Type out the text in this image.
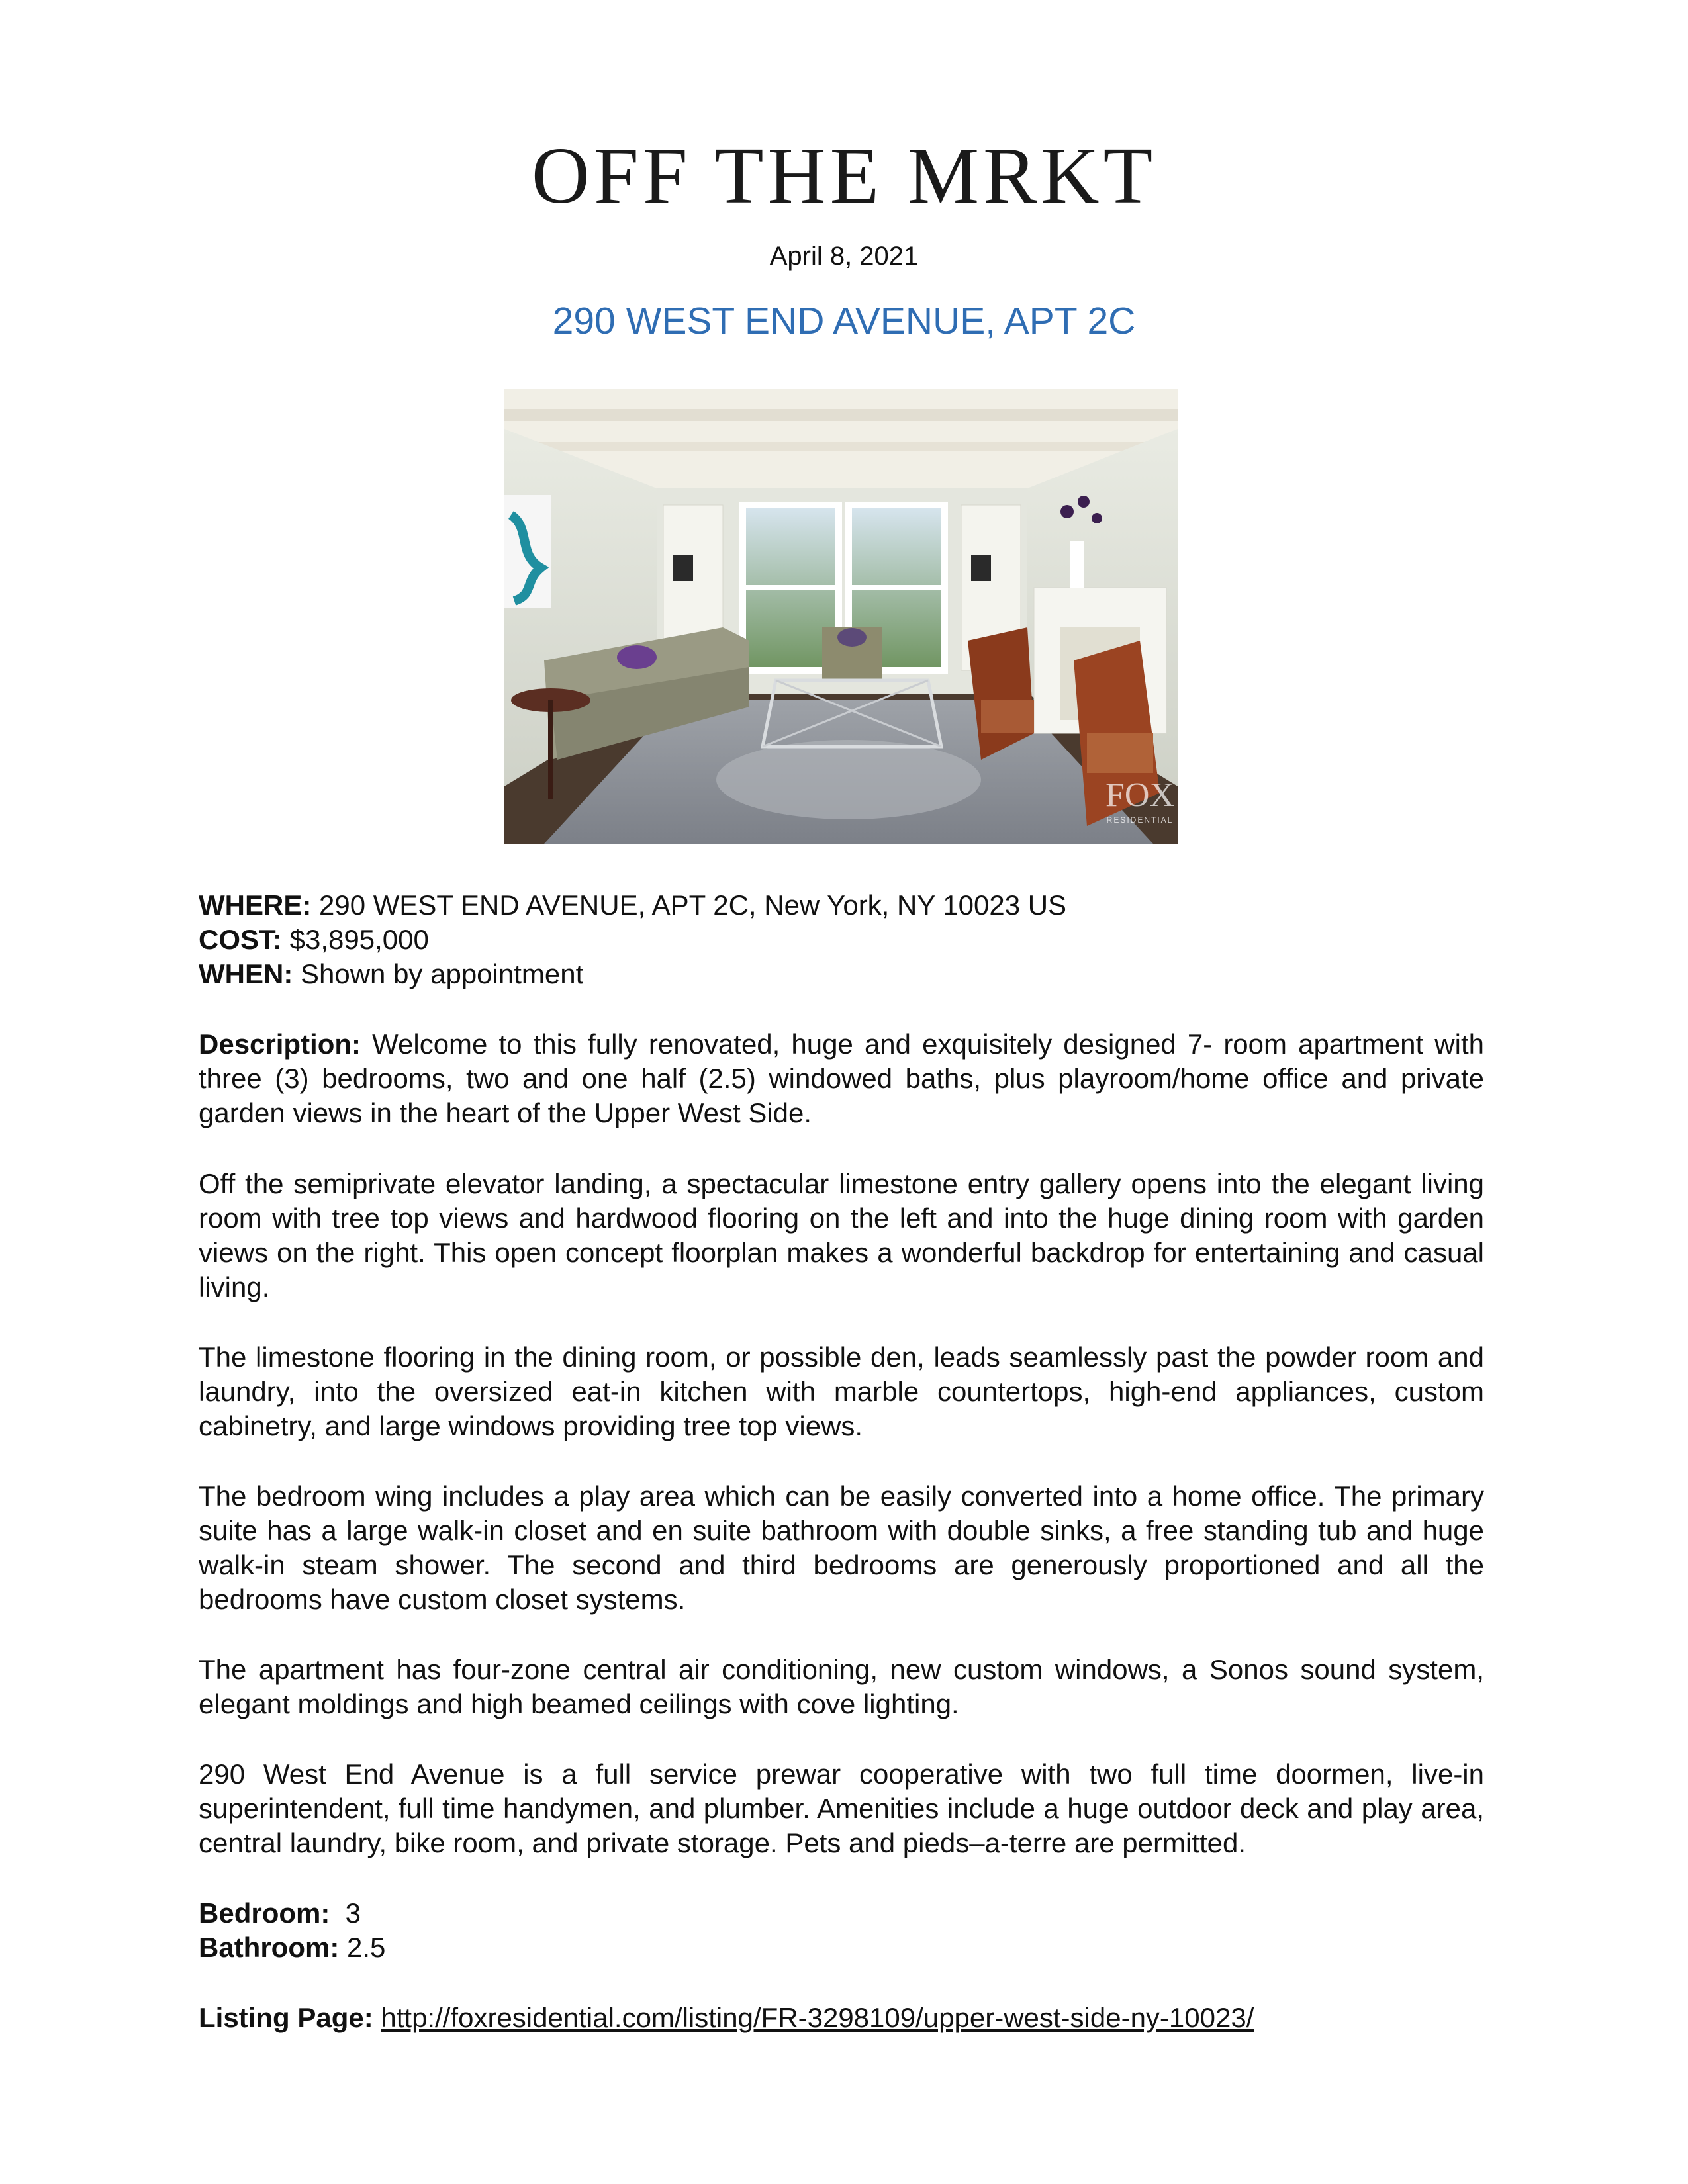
OFF THE MRKT
April 8, 2021
290 WEST END AVENUE, APT 2C
FOX
RESIDENTIAL

WHERE: 290 WEST END AVENUE, APT 2C, New York, NY 10023 US

COST: $3,895,000

WHEN: Shown by appointment

Description: Welcome to this fully renovated, huge and exquisitely designed 7- room apartment with three (3) bedrooms, two and one half (2.5) windowed baths, plus playroom/home office and private garden views in the heart of the Upper West Side.

Off the semiprivate elevator landing, a spectacular limestone entry gallery opens into the elegant living room with tree top views and hardwood flooring on the left and into the huge dining room with garden views on the right. This open concept floorplan makes a wonderful backdrop for entertaining and casual living.
The limestone flooring in the dining room, or possible den, leads seamlessly past the powder room and laundry, into the oversized eat-in kitchen with marble countertops, high-end appliances, custom cabinetry, and large windows providing tree top views.
The bedroom wing includes a play area which can be easily converted into a home office. The primary suite has a large walk-in closet and en suite bathroom with double sinks, a free standing tub and huge walk-in steam shower. The second and third bedrooms are generously proportioned and all the bedrooms have custom closet systems.
The apartment has four-zone central air conditioning, new custom windows, a Sonos sound system, elegant moldings and high beamed ceilings with cove lighting.
290 West End Avenue is a full service prewar cooperative with two full time doormen, live-in superintendent, full time handymen, and plumber. Amenities include a huge outdoor deck and play area, central laundry, bike room, and private storage. Pets and pieds–a-terre are permitted.

Bedroom:  3

Bathroom: 2.5

Listing Page: http://foxresidential.com/listing/FR-3298109/upper-west-side-ny-10023/
